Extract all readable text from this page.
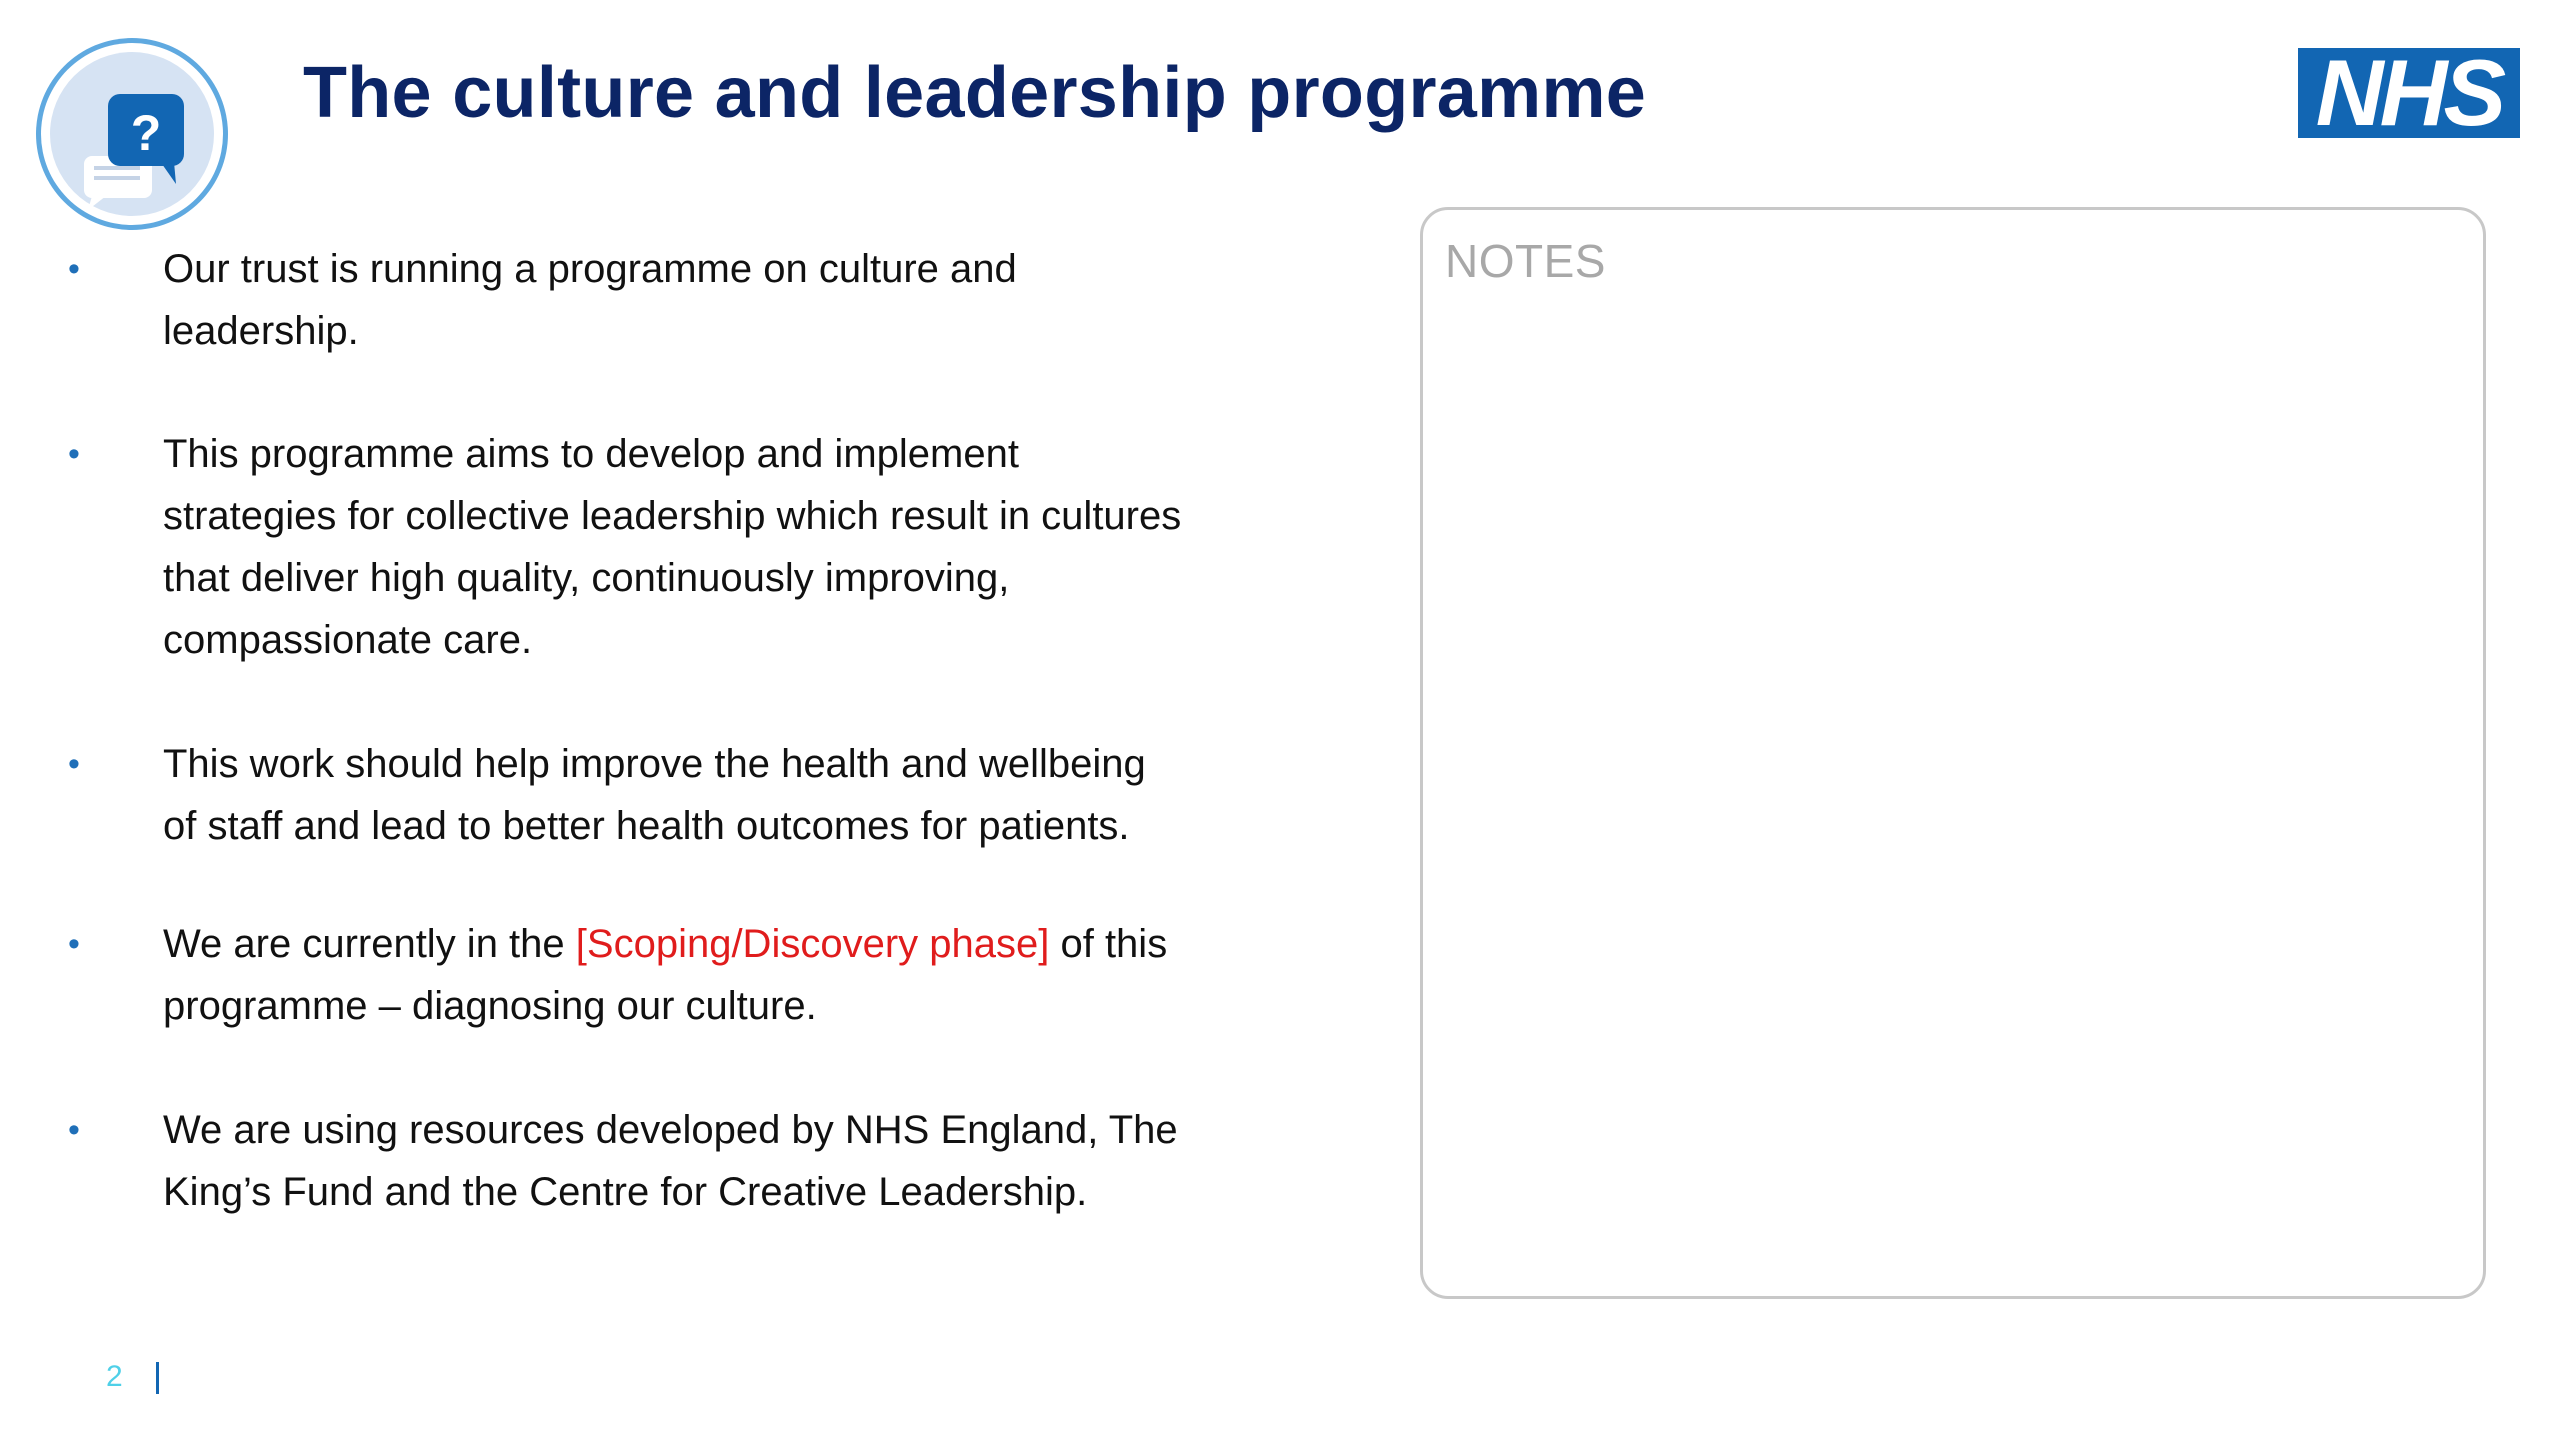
? The culture and leadership programme	NHS
• Our trust is running a programme on culture and
leadership.
• This programme aims to develop and implement
strategies for collective leadership which result in cultures
that deliver high quality, continuously improving,
compassionate care.
• This work should help improve the health and wellbeing
of staff and lead to better health outcomes for patients.
• We are currently in the [Scoping/Discovery phase] of this
programme – diagnosing our culture.
• We are using resources developed by NHS England, The
King’s Fund and the Centre for Creative Leadership.
NOTES
2
